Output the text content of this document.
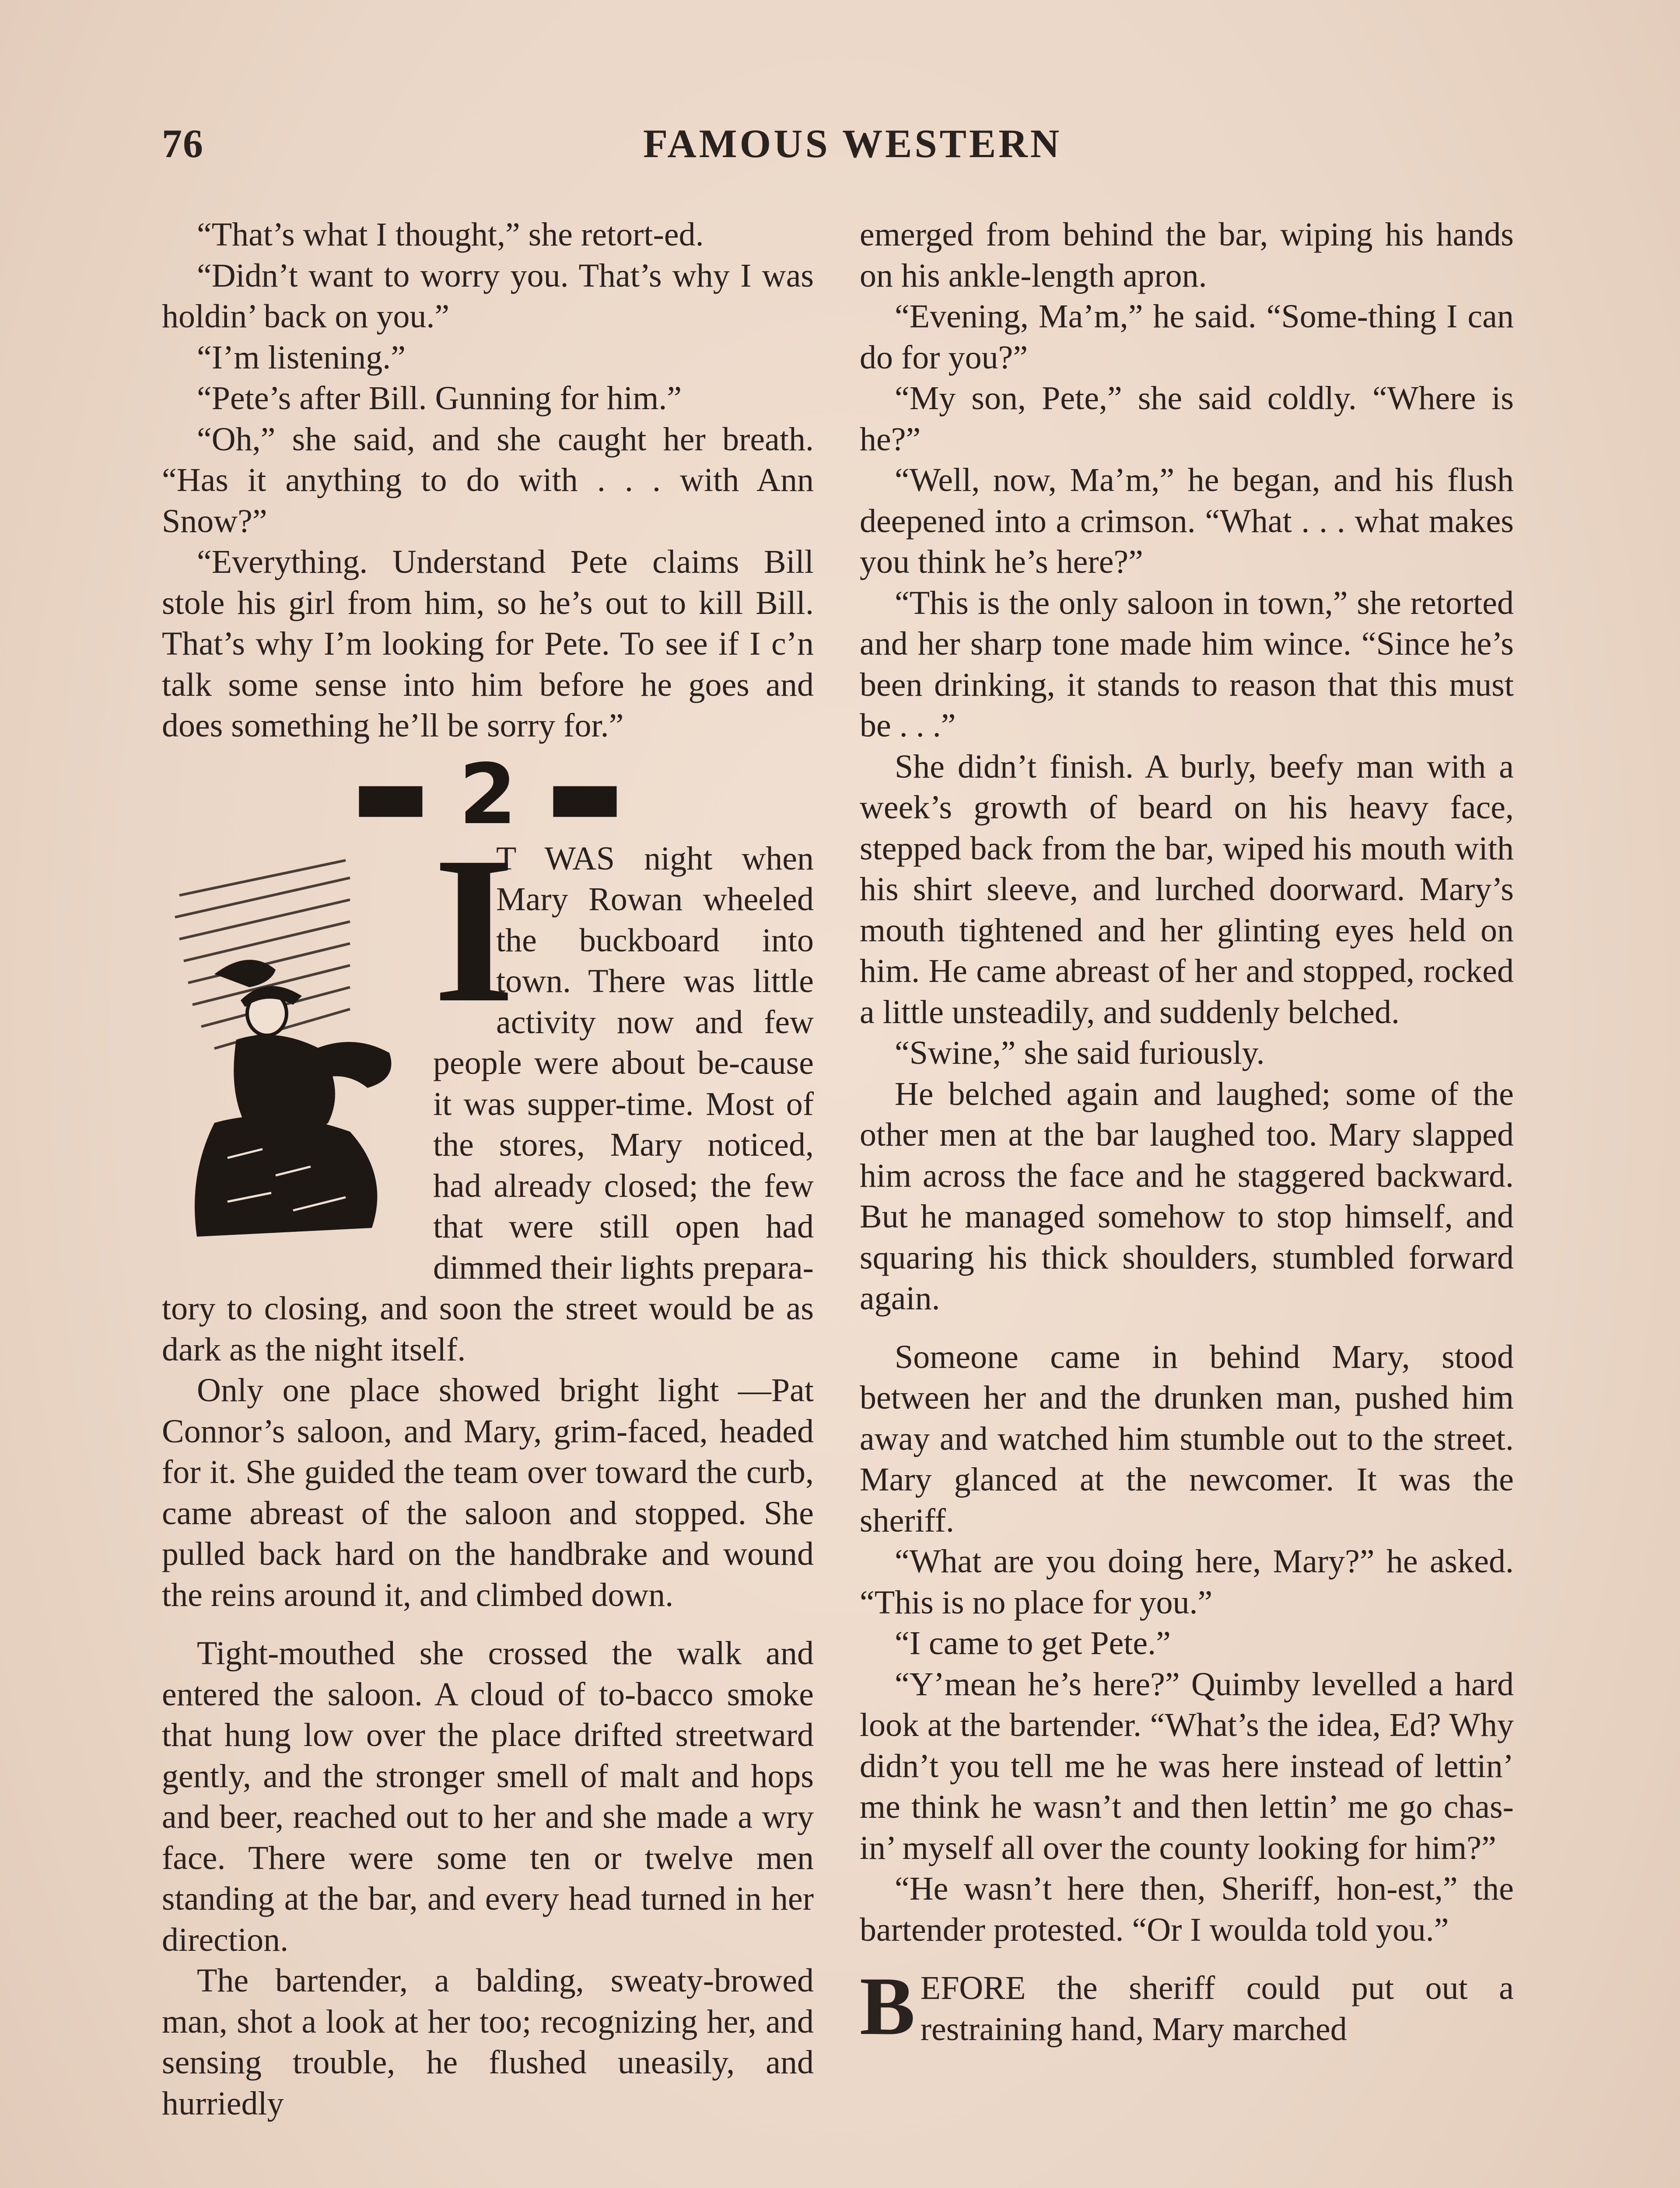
76	FAMOUS WESTERN

“That’s what I thought,” she retort-ed.

“Didn’t want to worry you. That’s why I was holdin’ back on you.”

“I’m listening.”

“Pete’s after Bill. Gunning for him.”

“Oh,” she said, and she caught her breath. “Has it anything to do with . . . with Ann Snow?”

“Everything. Understand Pete claims Bill stole his girl from him, so he’s out to kill Bill. That’s why I’m looking for Pete. To see if I c’n talk some sense into him before he goes and does something he’ll be sorry for.”

▬ 2 ▬
I

T WAS night when Mary Rowan wheeled the buckboard into town. There was little activity now and few people were about be-cause it was supper-time. Most of the stores, Mary noticed, had already closed; the few that were still open had dimmed their lights prepara-tory to closing, and soon the street would be as dark as the night itself.

Only one place showed bright light —Pat Connor’s saloon, and Mary, grim-faced, headed for it. She guided the team over toward the curb, came abreast of the saloon and stopped. She pulled back hard on the handbrake and wound the reins around it, and climbed down.

Tight-mouthed she crossed the walk and entered the saloon. A cloud of to-bacco smoke that hung low over the place drifted streetward gently, and the stronger smell of malt and hops and beer, reached out to her and she made a wry face. There were some ten or twelve men standing at the bar, and every head turned in her direction.

The bartender, a balding, sweaty-browed man, shot a look at her too; recognizing her, and sensing trouble, he flushed uneasily, and hurriedly

emerged from behind the bar, wiping his hands on his ankle-length apron.

“Evening, Ma’m,” he said. “Some-thing I can do for you?”

“My son, Pete,” she said coldly. “Where is he?”

“Well, now, Ma’m,” he began, and his flush deepened into a crimson. “What . . . what makes you think he’s here?”

“This is the only saloon in town,” she retorted and her sharp tone made him wince. “Since he’s been drinking, it stands to reason that this must be . . .”

She didn’t finish. A burly, beefy man with a week’s growth of beard on his heavy face, stepped back from the bar, wiped his mouth with his shirt sleeve, and lurched doorward. Mary’s mouth tightened and her glinting eyes held on him. He came abreast of her and stopped, rocked a little unsteadily, and suddenly belched.

“Swine,” she said furiously.

He belched again and laughed; some of the other men at the bar laughed too. Mary slapped him across the face and he staggered backward. But he managed somehow to stop himself, and squaring his thick shoulders, stumbled forward again.

Someone came in behind Mary, stood between her and the drunken man, pushed him away and watched him stumble out to the street. Mary glanced at the newcomer. It was the sheriff.

“What are you doing here, Mary?” he asked. “This is no place for you.”

“I came to get Pete.”

“Y’mean he’s here?” Quimby levelled a hard look at the bartender. “What’s the idea, Ed? Why didn’t you tell me he was here instead of lettin’ me think he wasn’t and then lettin’ me go chas-in’ myself all over the county looking for him?”

“He wasn’t here then, Sheriff, hon-est,” the bartender protested. “Or I woulda told you.”

B EFORE the sheriff could put out a restraining hand, Mary marched
